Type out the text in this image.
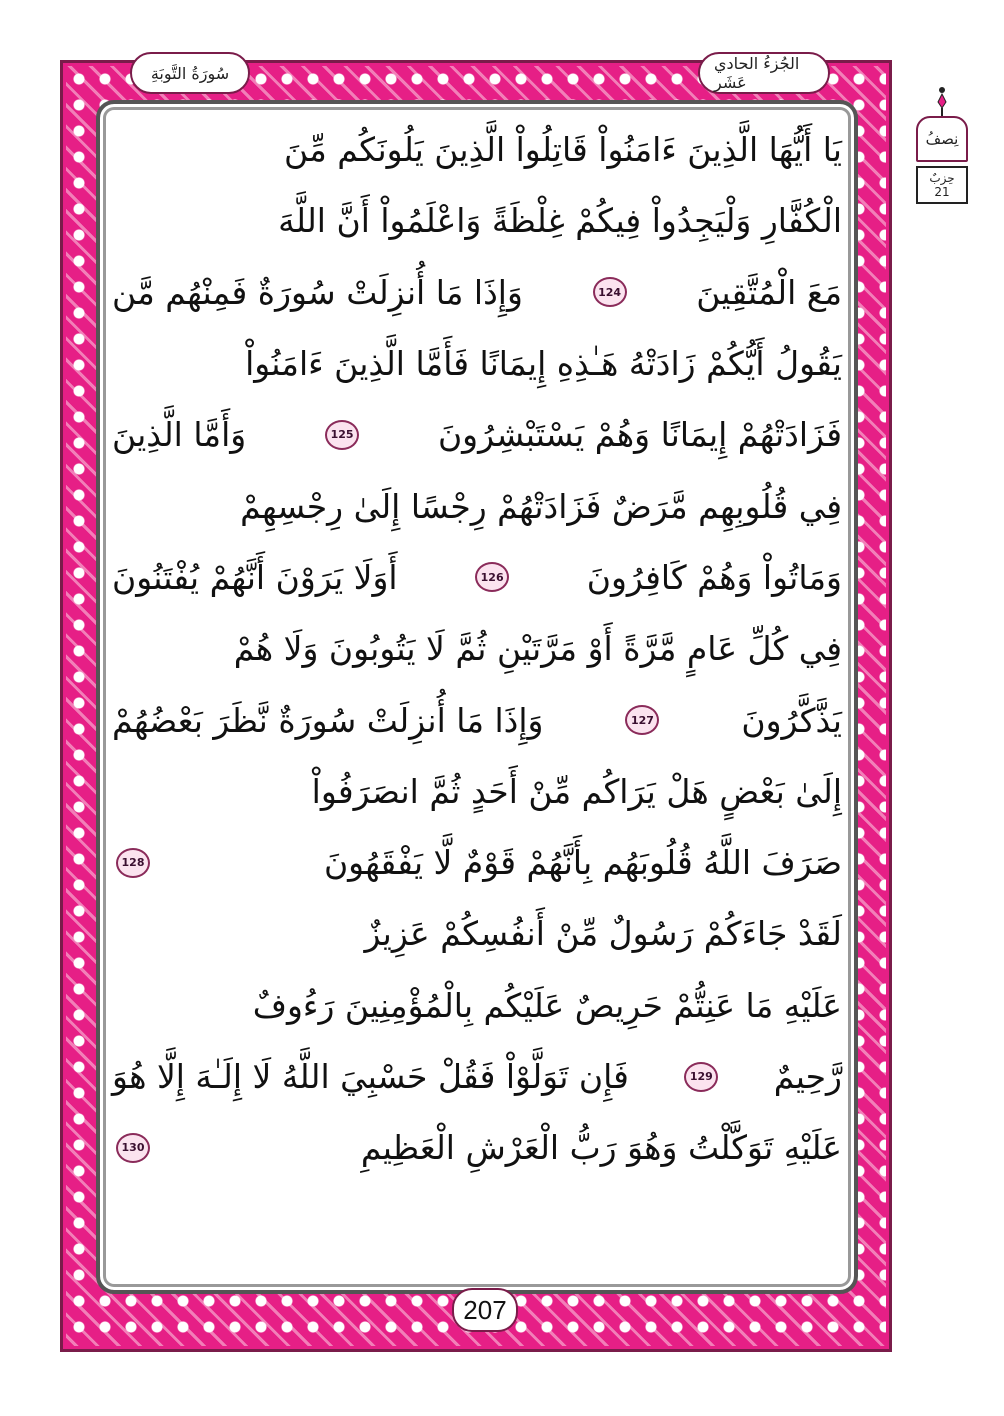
الجُزءُ الحادي عَشَر
سُورَةُ التَّوبَةِ
نِصفُ
حِزبٌ
21
يَا أَيُّهَا الَّذِينَ ءَامَنُواْ قَاتِلُواْ الَّذِينَ يَلُونَكُم مِّنَ
الْكُفَّارِ وَلْيَجِدُواْ فِيكُمْ غِلْظَةً وَاعْلَمُواْ أَنَّ اللَّهَ
مَعَ الْمُتَّقِينَ
124
وَإِذَا مَا أُنزِلَتْ سُورَةٌ فَمِنْهُم مَّن
يَقُولُ أَيُّكُمْ زَادَتْهُ هَـٰذِهِ إِيمَانًا فَأَمَّا الَّذِينَ ءَامَنُواْ
فَزَادَتْهُمْ إِيمَانًا وَهُمْ يَسْتَبْشِرُونَ
125
وَأَمَّا الَّذِينَ
فِي قُلُوبِهِم مَّرَضٌ فَزَادَتْهُمْ رِجْسًا إِلَىٰ رِجْسِهِمْ
وَمَاتُواْ وَهُمْ كَافِرُونَ
126
أَوَلَا يَرَوْنَ أَنَّهُمْ يُفْتَنُونَ
فِي كُلِّ عَامٍ مَّرَّةً أَوْ مَرَّتَيْنِ ثُمَّ لَا يَتُوبُونَ وَلَا هُمْ
يَذَّكَّرُونَ
127
وَإِذَا مَا أُنزِلَتْ سُورَةٌ نَّظَرَ بَعْضُهُمْ
إِلَىٰ بَعْضٍ هَلْ يَرَاكُم مِّنْ أَحَدٍ ثُمَّ انصَرَفُواْ
صَرَفَ اللَّهُ قُلُوبَهُم بِأَنَّهُمْ قَوْمٌ لَّا يَفْقَهُونَ
128
لَقَدْ جَاءَكُمْ رَسُولٌ مِّنْ أَنفُسِكُمْ عَزِيزٌ
عَلَيْهِ مَا عَنِتُّمْ حَرِيصٌ عَلَيْكُم بِالْمُؤْمِنِينَ رَءُوفٌ
رَّحِيمٌ
129
فَإِن تَوَلَّوْاْ فَقُلْ حَسْبِيَ اللَّهُ لَا إِلَـٰهَ إِلَّا هُوَ
عَلَيْهِ تَوَكَّلْتُ وَهُوَ رَبُّ الْعَرْشِ الْعَظِيمِ
130
207
